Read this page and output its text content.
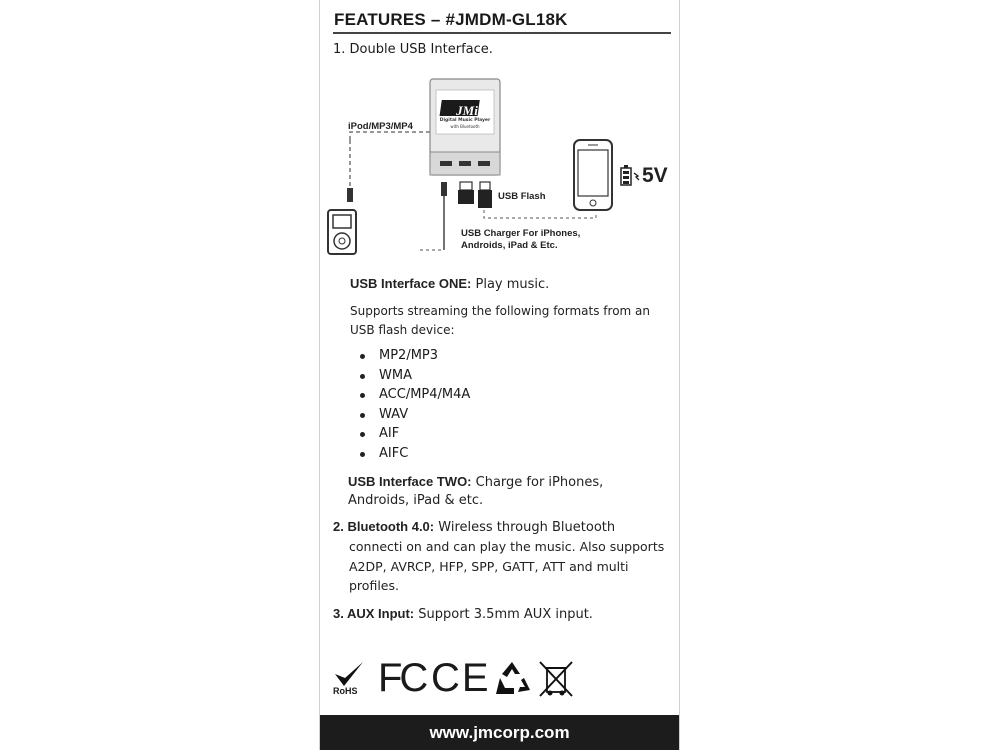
FEATURES – #JMDM-GL18K
1. Double USB Interface.
iPod/MP3/MP4
USB Flash
USB Charger For iPhones,
Androids, iPad & Etc.
5V
JMi
Digital Music Player
with Bluetooth
USB Interface ONE: Play music.
Supports streaming the following formats from an
USB flash device:
MP2/MP3
WMA
ACC/MP4/M4A
WAV
AIF
AIFC
USB Interface TWO: Charge for iPhones,
Androids, iPad & etc.
2. Bluetooth 4.0: Wireless through Bluetooth
connecti on and can play the music. Also supports
A2DP, AVRCP, HFP, SPP, GATT, ATT and multi
profiles.
3. AUX Input: Support 3.5mm AUX input.
RoHS FC CE
www.jmcorp.com
